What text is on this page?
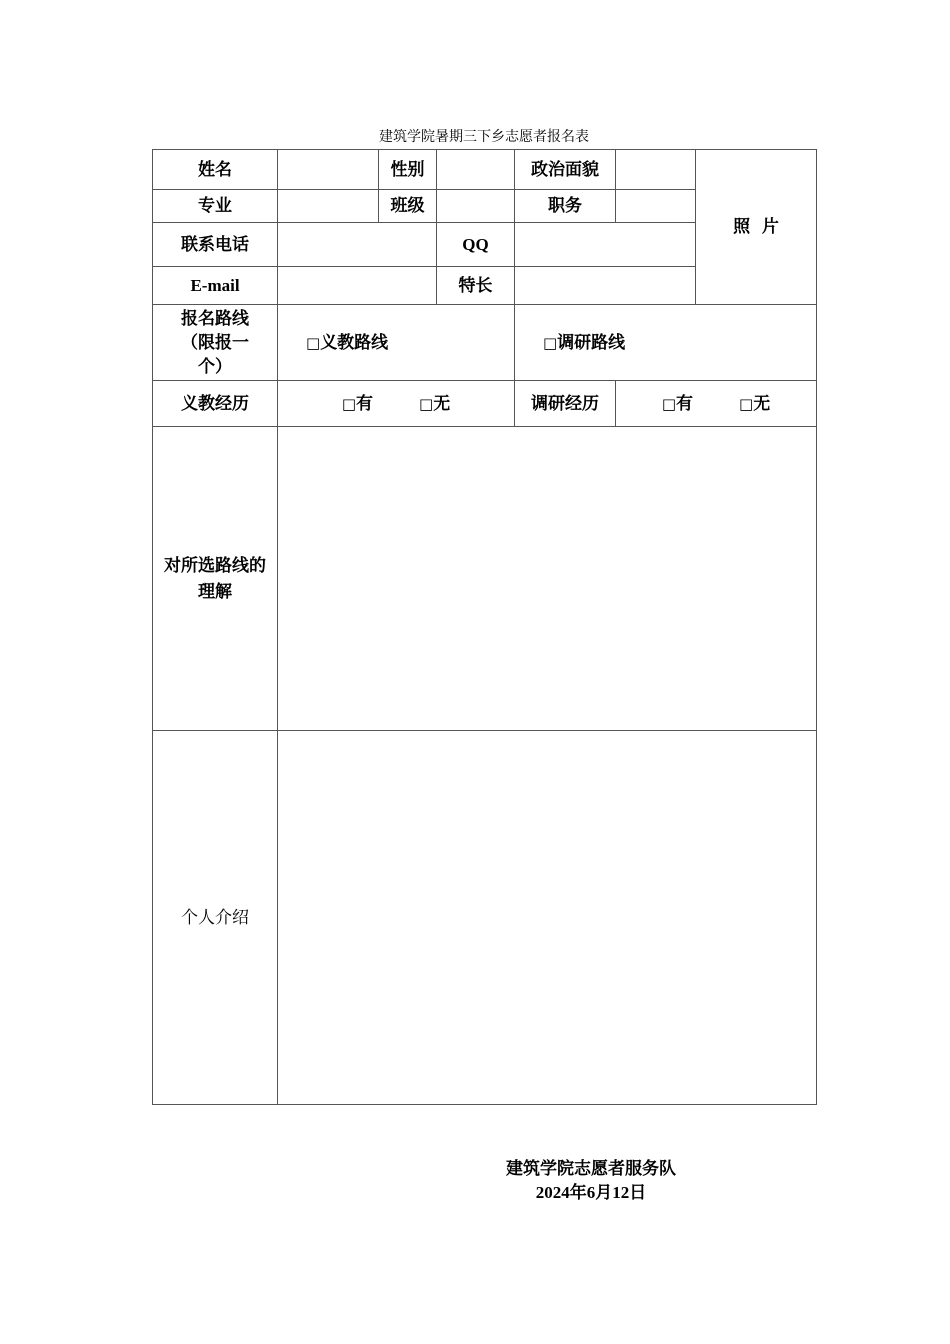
建筑学院暑期三下乡志愿者报名表
姓名		性别		政治面貌		照  片
专业		班级		职务		
联系电话			QQ			
E-mail			特长			
报名路线（限报一个）	□义教路线			□调研路线		
义教经历	□有 □无			调研经历	□有 □无	
对所选路线的理解						
个人介绍						
建筑学院志愿者服务队
2024年6月12日
